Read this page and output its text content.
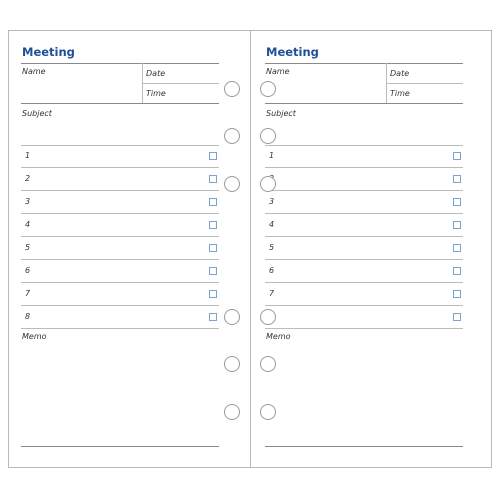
Meeting
Name	Date
Time
Subject
1
2
3
4
5
6
7
8
Memo
Meeting
Name	Date
Time
Subject
1
3
4
5
6
7
Memo
